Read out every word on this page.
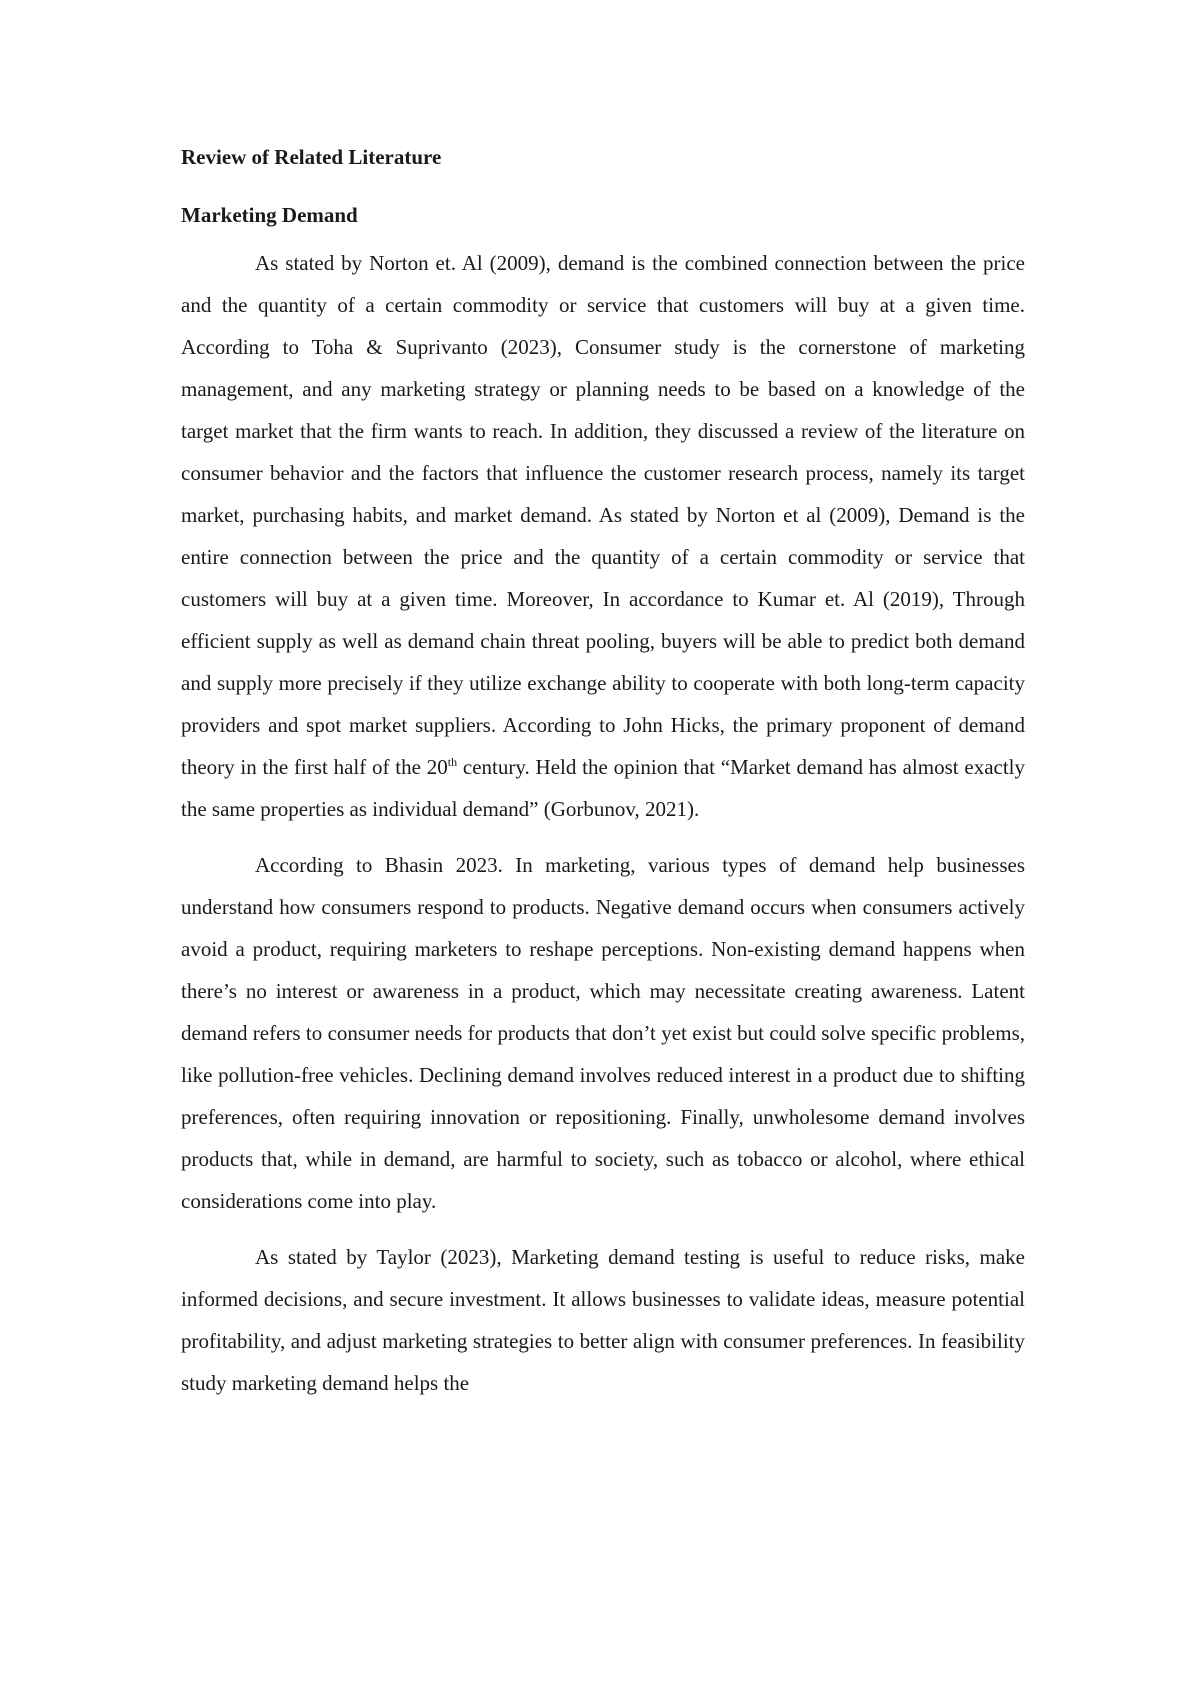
Review of Related Literature
Marketing Demand

As stated by Norton et. Al (2009), demand is the combined connection between the price and the quantity of a certain commodity or service that customers will buy at a given time. According to Toha & Suprivanto (2023), Consumer study is the cornerstone of marketing management, and any marketing strategy or planning needs to be based on a knowledge of the target market that the firm wants to reach. In addition, they discussed a review of the literature on consumer behavior and the factors that influence the customer research process, namely its target market, purchasing habits, and market demand. As stated by Norton et al (2009), Demand is the entire connection between the price and the quantity of a certain commodity or service that customers will buy at a given time. Moreover, In accordance to Kumar et. Al (2019), Through efficient supply as well as demand chain threat pooling, buyers will be able to predict both demand and supply more precisely if they utilize exchange ability to cooperate with both long-term capacity providers and spot market suppliers. According to John Hicks, the primary proponent of demand theory in the first half of the 20th century. Held the opinion that “Market demand has almost exactly the same properties as individual demand” (Gorbunov, 2021).

According to Bhasin 2023. In marketing, various types of demand help businesses understand how consumers respond to products. Negative demand occurs when consumers actively avoid a product, requiring marketers to reshape perceptions. Non-existing demand happens when there’s no interest or awareness in a product, which may necessitate creating awareness. Latent demand refers to consumer needs for products that don’t yet exist but could solve specific problems, like pollution-free vehicles. Declining demand involves reduced interest in a product due to shifting preferences, often requiring innovation or repositioning. Finally, unwholesome demand involves products that, while in demand, are harmful to society, such as tobacco or alcohol, where ethical considerations come into play.

As stated by Taylor (2023), Marketing demand testing is useful to reduce risks, make informed decisions, and secure investment. It allows businesses to validate ideas, measure potential profitability, and adjust marketing strategies to better align with consumer preferences. In feasibility study marketing demand helps the
